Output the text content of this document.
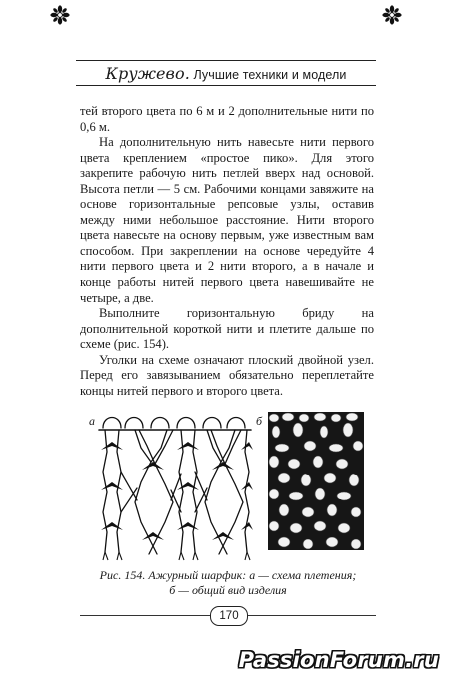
Кружево. Лучшие техники и модели

тей второго цвета по 6 м и 2 дополнительные нити по 0,6 м.

На дополнительную нить навесьте нити первого цвета креплением «простое пико». Для этого закрепите рабочую нить петлей вверх над основой. Высота петли — 5 см. Рабочими концами завяжите на основе горизонтальные репсовые узлы, оставив между ними небольшое расстояние. Нити второго цвета навесьте на основу первым, уже известным вам способом. При закреплении на основе чередуйте 4 нити первого цвета и 2 нити второго, а в начале и конце работы нитей первого цвета навешивайте не четыре, а две.

Выполните горизонтальную бриду на дополнительной короткой нити и плетите дальше по схеме (рис. 154).

Уголки на схеме означают плоский двойной узел. Перед его завязыванием обязательно переплетайте концы нитей первого и второго цвета.

а	б
Рис. 154. Ажурный шарфик: а — схема плетения;
б — общий вид изделия
170
PassionForum.ru
